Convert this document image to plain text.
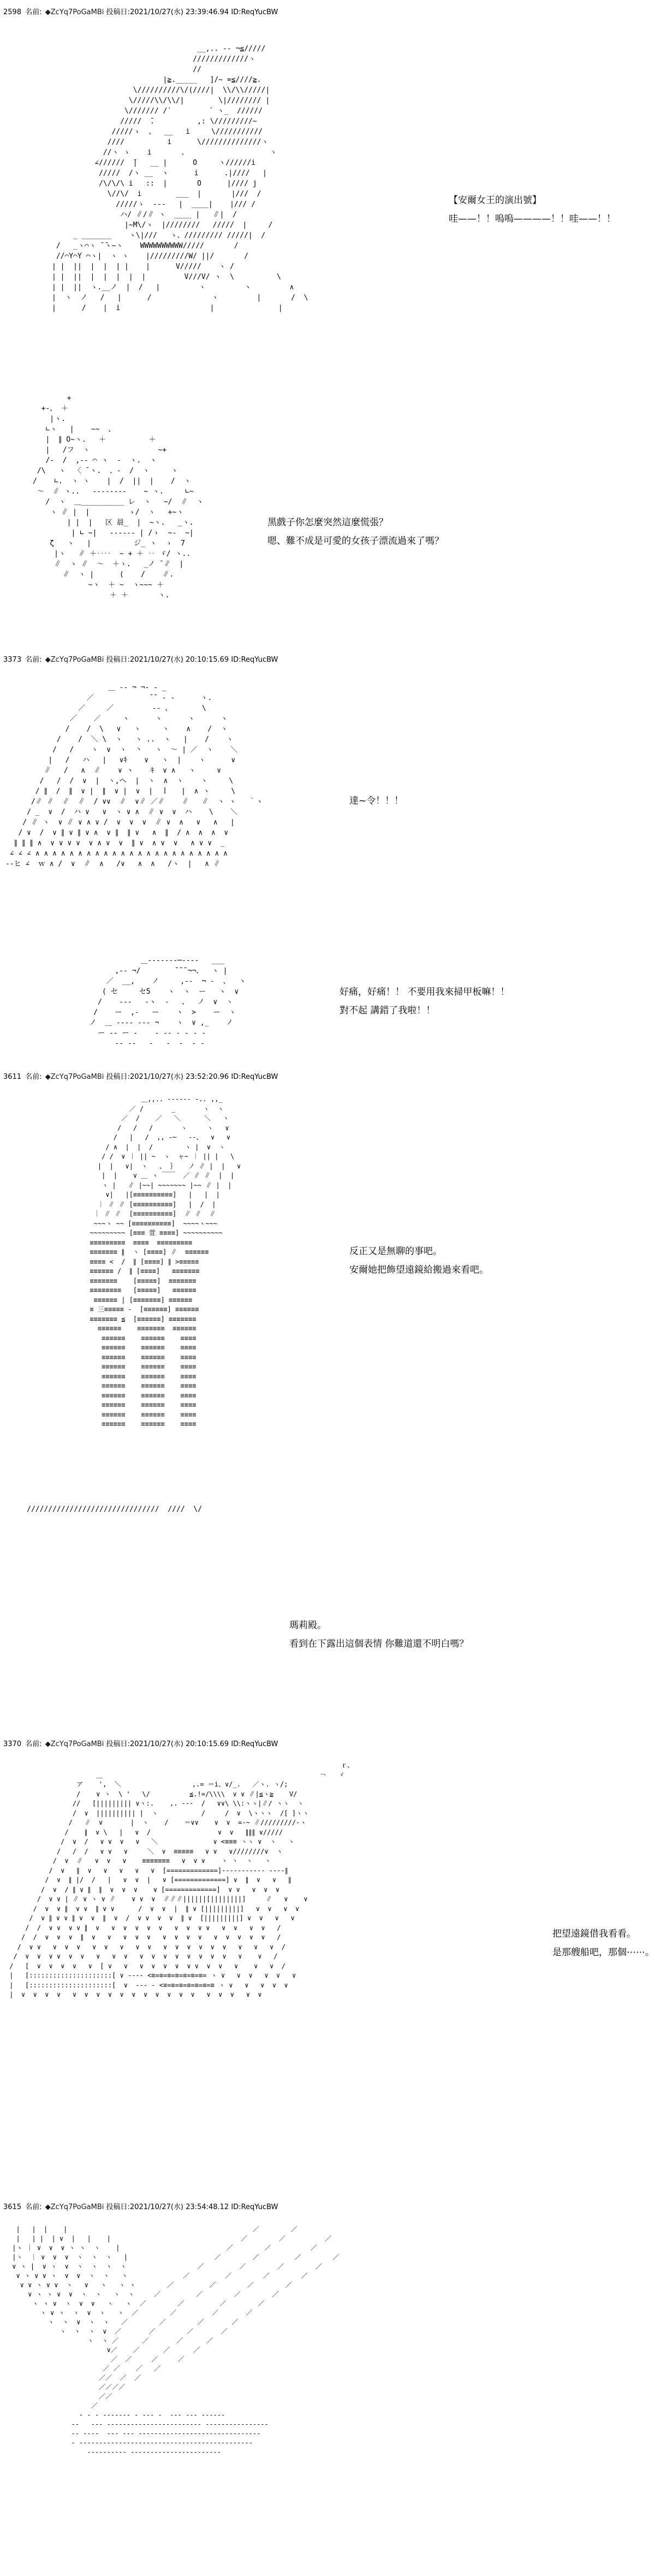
2598 名前: ◆ZcYq7PoGaMBi 投稿日:2021/10/27(水) 23:39:46.94 ID:ReqYucBW
__,.. -‐ ¬≦/////
/////////////ヽ
//
|≧._____   ]/~ =≦////≧.
\//////////\/(////|  \\/\\/////|
\/////\\/\\/|        \|//////// |
\/////// /′         ゛ヽ_  //////
/////  ̄.          ,: \/////////~
/////ゝ  、  __   i     \///////////
////          i      \//////////////ヽ
//ヽ ゝ    i       、                   ヽ
∠//////  ̄|   __ |      O     ヽ//////i
/////  /ヽ __  ヽ      i      .|////   |
/\/\/\ i   ::  |       O      |//// j
\//\/  i        ___  |       |///  /
/////ゝ  ---   |  ____|    |/// /
ハ/ ∥/∥ ヽ  ____ |   ∥|  /
|~M\/ヽ  |////////   /////  |     /
_ _______    ヽ\|///   ゝ、///////// /////|  /
/   _ヽ⌒ヽ ̄ ̄ヽ~ヽ    WWWWWWWWWW/////       /
//⌒Y⌒Y ⌒ヽ|  ヽ ヽ    |/////////W/ ||/       /
| |  ||  |  |  | |    |      V/////    ヽ /
| |  ||  |  |  |  |  |         V///V/ ヽ  \          \
| |  ||  ゝ.__ノ  |  /   |         ヽ         ヽ         ∧
|  ヽ  ノ   /   |      /              ヽ         |       /  \
|      /    |  i                     |               |

【安爾女王的演出號】
哇——！！嗚嗚————！！哇——！！
+
+-、 ＋
|ヽ.
∟ヽ   |    ~~  、
|  ∥ O~ヽ.   ＋          ＋
|   /フ  ヽ                ~+
/-  /  ,-‐ ⌒ ヽ  -  ヽ.  ヽ
/\   ヽ  〈 ̄ ヽ.  、-  /  ヽ     ヽ
/    ∟.  ヽ ヽ    |  /  ||  |    /  ヽ
～  ∥ ヽ..   --‐‐‐‐‐‐    ~ ヽ.     ∟~
/  ヽ  ＿__________ レ  ヽ   ~/  ∥  ヽ
ヽ ∥ |  |         ゝ/  ヽ   +~ヽ
| |  |   区 晨_  |  ~ヽ.   _ヽ.
| ∟ ~|   -‐‐‐‐‐ | /ゝ  ~‐  ~|
ζ   ヽ   |          ジ_ ヽ  ゝ  7
|ヽ   ∥ ＋‥‥  ~ + ＋ ‥ ゞ/ ヽ..
∥  ヽ ∥  ～  ＋ヽ.   _ノ ̄ ∥  |
∥  ヽ |      (    /    ∥.
~ヽ  ＋ ~  ヽ~~~ ＋
＋ ＋       ヽ.

黑戲子你怎麼突然這麼慌張？
嗯、難不成是可愛的女孩子漂流過來了嗎？
3373 名前: ◆ZcYq7PoGaMBi 投稿日:2021/10/27(水) 20:10:15.69 ID:ReqYucBW
＿ -‐ ¬ ¬‐ ‐ _
／             ̄ ̄  ‐ ‐      ヽ.
／     ／         ‐‐ 、       \
／    ／     ヽ      ヽ      ヽ      ヽ
/    /  \   ∨   ヽ     ヽ    ∧    /  ヽ
/    /  ＼ \  ヽ   ヽ ..  ヽ   |    /    ヽ
/   /    ヽ  ∨  ヽ  丶   ヽ  ～ | ／  ヽ    ＼
|   /   ハ   |   ∨ｷ    ∨   ヽ  |    ヽ      ∨
∥   /   ∧  ∥    ∨ ヽ    ｷ  ∨ ∧   ヽ     ∨
/   /  /  ∨  |  ヽ,ヘ  |  ヽ  ∧  ヽ    ヽ     \
/ ∥  /  ∥  ∨ |  ∥  ∨ |  ∨  |  ｌ   |  ∧ ヽ     \
/∥ ∥  ∥  ∥  / ∨∨  ∥  ∨∥ ／∥    ∥   ∥  ヽ ヽ   ｀ヽ
/ _  ∨  /  ハ ∨   ∨  ヽ ∨ ∧  ∥ ∨  ∨  ハ    \    ＼
/ ∥ ヽ  ∨ ∥ ∨ ∧ ∨ /  ∨  ∨  ∨  ∥ ∨  ∧   ∨   ∧   |
/ ∨  /  ∨ ∥ ∨ ∥ ∨ ∧  ∨ ∥  ∥ ∨   ∧  ∥  / ∧  ∧  ∧  ∨
∥ ∥ ∥ ∧  ∨ ∨ ∨ ∨  ∨ ∧ ∨  ∨  ∥ ∨  ∧ ∨  ∨   ∧ ∨ ∨  _
∠ ∠ ∠ ∧ ∧ ∧ ∧ ∧ ∧ ∧ ∧ ∧ ∧ ∧ ∧ ∧ ∧ ∧ ∧ ∧ ∧ ∧ ∧ ∧ ∧ ∧
-‐ヒ ∠  ｗ ∧ /  ∨  ∥  ∧   /∨   ∧  ∧   /ヽ  |   ∧ ∥

達~令！！！
＿‐‐‐‐‐‐‐─‐‐‐‐   ___
,-‐ ¬/        ̄ ̄ ̄ ¬¬、  ヽ |
／  __,    ノ     ,‐‐  ¬ -  、  ヽ
( セ     セ5    ヽ  ヽ  ー   ヽ  ∨
/    ‐‐‐   ‐ヽ  ‐   、  ノ  ∨  ヽ
/    ー  ,-   ー    ヽ  >    ー  ヽ
ノ  ＿ -‐‐‐ -‐‐ ¬    ヽ  ∨ ,_    ノ
ー ‐‐ ー ‐    ‐ ‐‐ ‐ ‐ ‐ ‐
‐‐ ‐‐   ‐   ‐  ‐  ‐ ‐

好痛，好痛！！ 不要用我來掃甲板嘛！！
對不起 講錯了我啦！！
3611 名前: ◆ZcYq7PoGaMBi 投稿日:2021/10/27(水) 23:52:20.96 ID:ReqYucBW
＿,,.. -‐‐‐‐‐ -.. ,,_
／ /       _       ヽ  ヽ
／  /    ／   ＼      ＼   ヽ
/   /   /       ヽ     ヽ   ∨
/   |   /  ,, -─   ‐-、  ∨   ∨
/ ∧  |  |  /        ヽ |  ∨  ヽ
/ /  ∨ ｜ || ~  ゝ  ャ~ ｜ || |   \
|  |   ∨|  ヽ   、 ｝   ノ ∥ |  |   ∨
|  |    ∨ ＿ ヽ ￣￣  ／ ∥ ∥  |  |
ヽ |   ∥ |~~| ~~~~~~~ |~~ ∥ |  |
∨|   |[≡≡≡≡≡≡≡≡≡≡]   |   |  |
｜ ∥ ∥ [≡≡≡≡≡≡≡≡≡≡]   |  /  |
｜ ∥ ∥  [≡≡≡≡≡≡≡≡≡≡]  ∥ ∥  ∥
~~~ヽ ~~ [≡≡≡≡≡≡≡≡≡≡]  ~~~~ヽ~~~
~~~~~~~~~ [≡≡≡ 萱 ≡≡≡≡] ~~~~~~~~~~
≡≡≡≡≡≡≡≡≡  ≡≡≡≡  ≡≡≡≡≡≡≡≡≡
≡≡≡≡≡≡≡ ∥  ヽ [≡≡≡≡] ∥  ≡≡≡≡≡≡
≡≡≡≡ <  /  ∥ [≡≡≡≡] ∥ >≡≡≡≡≡
≡≡≡≡≡≡ /  ∥ [≡≡≡≡]   ≡≡≡≡≡≡≡
≡≡≡≡≡≡≡    [≡≡≡≡≡]  ≡≡≡≡≡≡≡
≡≡≡≡≡≡≡≡   [≡≡≡≡≡]   ≡≡≡≡≡≡
≡≡≡≡≡≡ | [≡≡≡≡≡≡≡] ≡≡≡≡≡≡
≡ 三≡≡≡≡≡ ‐  [≡≡≡≡≡≡] ≡≡≡≡≡≡
≡≡≡≡≡≡≡ ≦  [≡≡≡≡≡≡] ≡≡≡≡≡≡≡
≡≡≡≡≡≡    ≡≡≡≡≡≡≡  ≡≡≡≡≡≡
≡≡≡≡≡≡    ≡≡≡≡≡≡    ≡≡≡≡
≡≡≡≡≡≡    ≡≡≡≡≡≡    ≡≡≡≡
≡≡≡≡≡≡    ≡≡≡≡≡≡    ≡≡≡≡
≡≡≡≡≡≡    ≡≡≡≡≡≡    ≡≡≡≡
≡≡≡≡≡≡    ≡≡≡≡≡≡    ≡≡≡≡
≡≡≡≡≡≡    ≡≡≡≡≡≡    ≡≡≡≡
≡≡≡≡≡≡    ≡≡≡≡≡≡    ≡≡≡≡
≡≡≡≡≡≡    ≡≡≡≡≡≡    ≡≡≡≡
≡≡≡≡≡≡    ≡≡≡≡≡≡    ≡≡≡≡
≡≡≡≡≡≡    ≡≡≡≡≡≡    ≡≡≡≡

反正又是無聊的事吧。
安爾她把飾望遠鏡給搬過來看吧。
///////////////////////////////  ////  \/

瑪莉殿。
看到在下露出這個表情 你難道還不明白嗎？

3370 名前: ◆ZcYq7PoGaMBi 投稿日:2021/10/27(水) 20:10:15.69 ID:ReqYucBW
ｒ、
＿                                                       ￢   ヾ
ア    ',  ＼                  ,.= ＝i、∨/_.   ／ヽ. ヽ/;
/    ∨ ヽ  \ '   \/          ≦.!=/\\\\  ∨ ∨ ∥|≦ヽ≧    V/
//   [||||||||| ∨ヽ:.    ,. -‐‐  /   ∨∨\ \\:ヽヽ|∥/ ヽヽ  ヽ
/  ∨  |||||||||| |  ヽ           /     /  ∨  \ヽヽヽ  /[ ]ヽヽ
/   ∥  ∨       |  ヽ    /    ＝∨∨    ∨  ∨  =-~ ∥/////////‐ヽ
/    ∥  ∨ \   |   ∨  /                 ∨  ∨   ∥∥∥ ∨/////
/  ∨  /   ∨ ∨  ∨   ∨   ＼              ∨ <≡≡≡ ヽヽ ∨  ヽ   ヽ
/   /  /   ∨ ∨   ∨     ＼  ∨  ≡≡≡≡≡   ∨ ∨   ∨////////∨  ヽ
/  ∨  ∥   ∨  ∨   ∨    ≡≡≡≡≡≡≡   ∨  ∨ ∨    ヽ ヽ  ヽ   ヽ
/  ∨   ∥  ∨   ∨   ∨   ∨   ∨  [=============]‐‐‐‐‐‐‐‐‐‐‐ ‐‐‐‐∥
/  ∨  ∥ |/  /   |   ∨  ∨  |   ∨ [=============] ∨  ∥  ∨   ∨   ∥
/  ∨  / ∥ ∨ ∥  ∥  ∨  ∨  ∨    ∨ [=============]  ∨ ∨   ∨  ∨  ∨
/  ∨ ∨ | ∥ ∨ ヽ ∨ ∥    ∨ ∨  ∨  ∥∥∥||||||[||||||||]     ∥   ∨    ∨
/  ∨  ∨ ∥  ∨ ∨  ∥ ∨ ∨      /  ∨  ∨  |  ∥ ∨ [|||||||||]   ∨  ∨   ∨  ∨
/  ∨ ∥ ∨ ∨ ∥ ∨  ∨  ∥  ∨  /  ∨ ∨  ∨  ∨  ∥ ∨  [|||||||||] ∨  ∨   ∨   ∨
/  /  ∨ ∨  ∨ ∨ ∥  ∨   ∨  ∨  ∨  ∨  ∨   ∨  ∨  ∨ ∨   ∨  ∨   ∨  ∨   /
/  /  ∨  ∨  ∨  ∥  ∨   ∨   ∨  ∨  ∨   ∨  ∨  ∨  ∨   ∨  ∨  ∨  ∨  ∨   /
/  ∨ ∨   ∨  ∨  ∨   ∨  ∨   ∨   ∨  ∨   ∨  ∨  ∨  ∨  ∨  ∨   ∨   ∨   ∨  /
/  ∨  ∨  ∨ ∨  ∨  ∨   ∨   ∨  ∨   ∨  ∨  ∨  ∨  ∨  ∨  ∨  ∨   ∨    ∨   /
/   [  ∨  ∨  ∨  ∨   ∨  [ ∨   ∨   ∨  ∨  ∨  ∨  ∨ ∨  ∨  ∨   ∨    ∨   ∨  /
|   [:::::::::::::::::::::[ ∨ ‐‐‐‐ <≡=≡=≡=≡=≡=≡=≡= ヽ ∨   ∨  ∨   ∨  ∨   ∨
|   [:::::::::::::::::::::[  ∨  ‐‐‐ ‐ <≡=≡=≡=≡=≡=≡=≡ ヽ ∨   ∨   ∨  ∨  ∨
|  ∨  ∨  ∨  ∨   ∨  ∨  ∨  ∨  ∨  ∨  ∨  ∨  ∨  ∨  ∨   ∨  ∨  ∨   ∨  ∨

把望遠鏡借我看看。
是那艘船吧，那個⋯⋯。
3615 名前: ◆ZcYq7PoGaMBi 投稿日:2021/10/27(水) 23:54:48.12 ID:ReqYucBW
|   |  |    |                                               ／        ／
|   | |  | ∨  |   |    |                                 ／        ／          ／
|ヽ ｜ ∨  ∨  ∨ ヽ ヽ  ヽ    |                           ／        ／          ／
|ヽ  ｜ ∨  ∨  ∨  ヽ  ヽ  ヽ   |                      ／        ／         ／        ／
∨ ヽ |  ∨ ヽ  ∨  ヽ  ヽ  ヽ  ヽ                  ／         ／        ／        ／
∨ ヽ ∨ ∨ ヽ  ∨  ∨  ヽ  ヽ   ヽ              ／         ／        ／        ／
∨ ∨ ヽ ∨ ∨  ヽ   ∨   ヽ   ヽ ヽ        ／         ／        ／        ／
∨ ヽ ヽ ∨  ∨  ヽ  ヽ   ヽ  ヽ     ／         ／        ／        ／
ヽ ヽ ∨  ヽ  ∨  ∨   ヽ   ヽ  ／        ／         ／        ／
ヽ ∨ ヽ  ヽ  ∨  ヽ   ヽ  ／        ／         ／       ／
ヽ  ヽ  ∨  ヽ  ヽ   ／        ／        ／       ／
ヽ  ヽ  ヽ  ∨  ／       ／        ／       ／
ヽ  ヽ ／      ／       ／      ／
∨／    ／      ／      ／
／  ／     ／     ／
／ ／    ／   ／
／／  ／  ／
／／／／
／／
／
‐ ‐ ‐ ‐‐‐‐‐‐‐ ‐ ‐‐‐ ‐  ‐‐‐ ‐‐‐ ‐‐‐‐‐‐
‐‐   ‐‐‐ ‐‐‐‐‐‐‐‐‐‐‐‐‐‐‐‐‐‐‐‐‐‐‐‐ ‐‐‐‐‐‐‐‐‐‐‐‐‐‐‐‐
‐‐ ‐‐‐‐  ‐‐‐ ‐‐‐ ‐‐‐‐‐‐‐‐‐‐‐‐‐‐‐‐‐‐‐‐‐‐‐‐‐‐‐‐‐‐‐
‐ ‐‐‐‐‐‐‐‐‐‐‐‐‐‐‐‐‐‐‐‐‐‐‐‐‐‐‐‐‐‐‐‐‐‐‐‐‐‐‐‐‐‐‐‐
‐‐‐‐‐‐‐‐‐‐ ‐‐‐‐‐‐‐‐‐‐‐‐‐‐‐‐‐‐‐‐‐‐‐
